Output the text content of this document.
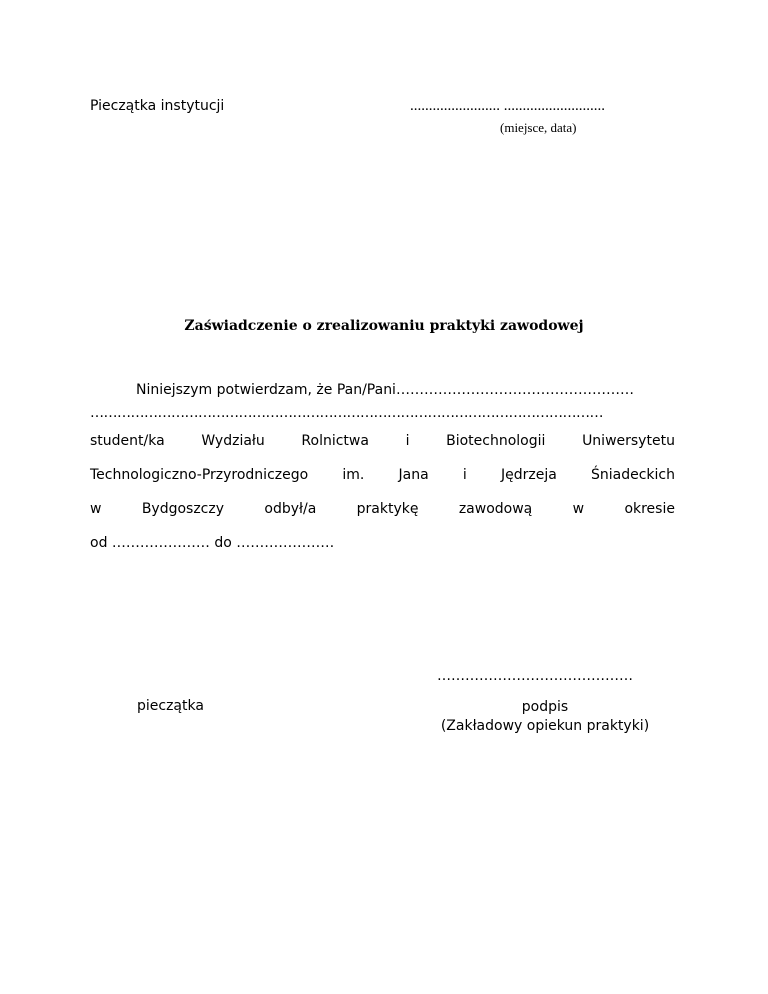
Pieczątka instytucji	........................ ...........................
(miejsce, data)
Zaświadczenie o zrealizowaniu praktyki zawodowej
Niniejszym potwierdzam, że Pan/Pani……………………………………………
……………………………………………………………………………………………………
student/ka	Wydziału	Rolnictwa	i	Biotechnologii	Uniwersytetu
Technologiczno-Przyrodniczego im. Jana i Jędrzeja Śniadeckich
w	Bydgoszczy	odbył/a	praktykę	zawodową	w	okresie
od ………………… do …………………
……………………………………
pieczątka	podpis
(Zakładowy opiekun praktyki)
